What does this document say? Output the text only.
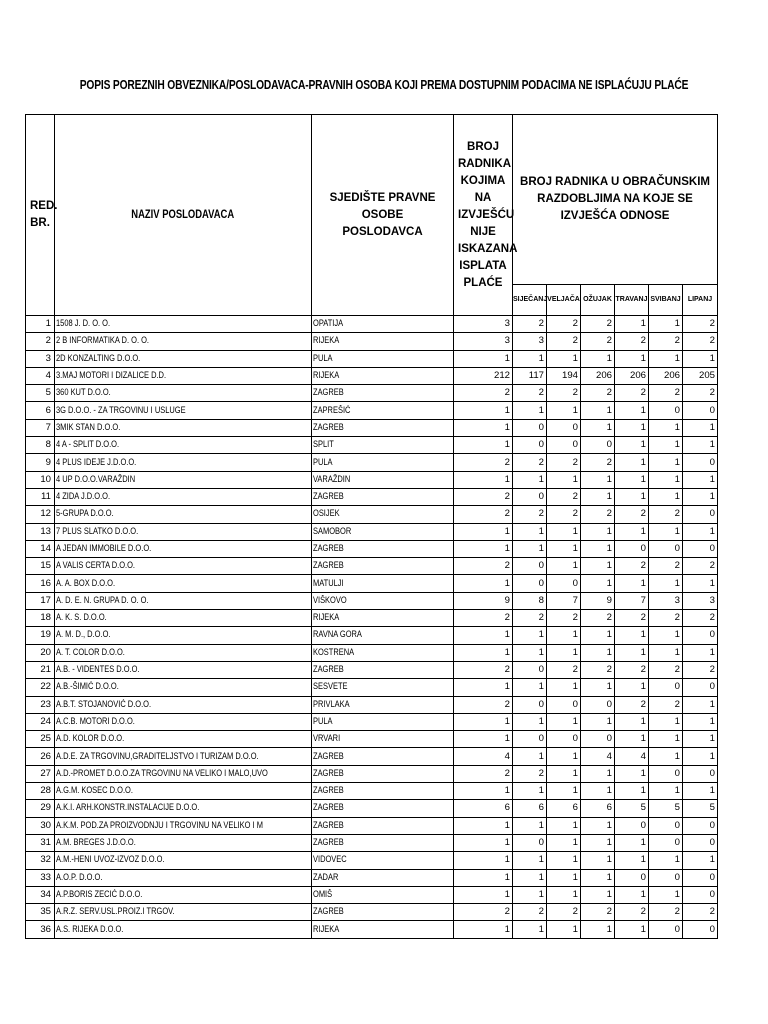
POPIS POREZNIH OBVEZNIKA/POSLODAVACA-PRAVNIH OSOBA KOJI PREMA DOSTUPNIM PODACIMA NE ISPLAĆUJU PLAĆE
RED. BR.	NAZIV POSLODAVACA	SJEDIŠTE PRAVNE OSOBE POSLODAVCA	BROJ RADNIKA KOJIMA NA IZVJEŠĆU NIJE ISKAZANA ISPLATA PLAĆE	BROJ RADNIKA U OBRAČUNSKIM RAZDOBLJIMA NA KOJE SE IZVJEŠĆA ODNOSE					
				SIJEČANJ	VELJAČA	OŽUJAK	TRAVANJ	SVIBANJ	LIPANJ
1	1508 J. D. O. O.	OPATIJA	3	2	2	2	1	1	2
2	2 B INFORMATIKA D. O. O.	RIJEKA	3	3	2	2	2	2	2
3	2D KONZALTING D.O.O.	PULA	1	1	1	1	1	1	1
4	3.MAJ MOTORI I DIZALICE D.D.	RIJEKA	212	117	194	206	206	206	205
5	360 KUT D.O.O.	ZAGREB	2	2	2	2	2	2	2
6	3G D.O.O. - ZA TRGOVINU I USLUGE	ZAPREŠIĆ	1	1	1	1	1	0	0
7	3MIK STAN D.O.O.	ZAGREB	1	0	0	1	1	1	1
8	4 A - SPLIT D.O.O.	SPLIT	1	0	0	0	1	1	1
9	4 PLUS IDEJE J.D.O.O.	PULA	2	2	2	2	1	1	0
10	4 UP D.O.O.VARAŽDIN	VARAŽDIN	1	1	1	1	1	1	1
11	4 ZIDA J.D.O.O.	ZAGREB	2	0	2	1	1	1	1
12	5-GRUPA D.O.O.	OSIJEK	2	2	2	2	2	2	0
13	7 PLUS SLATKO D.O.O.	SAMOBOR	1	1	1	1	1	1	1
14	A JEDAN IMMOBILE D.O.O.	ZAGREB	1	1	1	1	0	0	0
15	A VALIS CERTA D.O.O.	ZAGREB	2	0	1	1	2	2	2
16	A. A. BOX D.O.O.	MATULJI	1	0	0	1	1	1	1
17	A. D. E. N. GRUPA D. O. O.	VIŠKOVO	9	8	7	9	7	3	3
18	A. K. S. D.O.O.	RIJEKA	2	2	2	2	2	2	2
19	A. M. D., D.O.O.	RAVNA GORA	1	1	1	1	1	1	0
20	A. T. COLOR D.O.O.	KOSTRENA	1	1	1	1	1	1	1
21	A.B. - VIDENTES D.O.O.	ZAGREB	2	0	2	2	2	2	2
22	A.B.-ŠIMIĆ D.O.O.	SESVETE	1	1	1	1	1	0	0
23	A.B.T. STOJANOVIĆ D.O.O.	PRIVLAKA	2	0	0	0	2	2	1
24	A.C.B. MOTORI D.O.O.	PULA	1	1	1	1	1	1	1
25	A.D. KOLOR D.O.O.	VRVARI	1	0	0	0	1	1	1
26	A.D.E. ZA TRGOVINU,GRADITELJSTVO I TURIZAM D.O.O.	ZAGREB	4	1	1	4	4	1	1
27	A.D.-PROMET D.O.O.ZA TRGOVINU NA VELIKO I MALO,UVO	ZAGREB	2	2	1	1	1	0	0
28	A.G.M. KOSEC D.O.O.	ZAGREB	1	1	1	1	1	1	1
29	A.K.I. ARH.KONSTR.INSTALACIJE D.O.O.	ZAGREB	6	6	6	6	5	5	5
30	A.K.M. POD.ZA PROIZVODNJU I TRGOVINU NA VELIKO I M	ZAGREB	1	1	1	1	0	0	0
31	A.M. BREGES J.D.O.O.	ZAGREB	1	0	1	1	1	0	0
32	A.M.-HENI UVOZ-IZVOZ D.O.O.	VIDOVEC	1	1	1	1	1	1	1
33	A.O.P. D.O.O.	ZADAR	1	1	1	1	0	0	0
34	A.P.BORIS ZECIĆ D.O.O.	OMIŠ	1	1	1	1	1	1	0
35	A.R.Z. SERV.USL.PROIZ.I TRGOV.	ZAGREB	2	2	2	2	2	2	2
36	A.S. RIJEKA D.O.O.	RIJEKA	1	1	1	1	1	0	0
